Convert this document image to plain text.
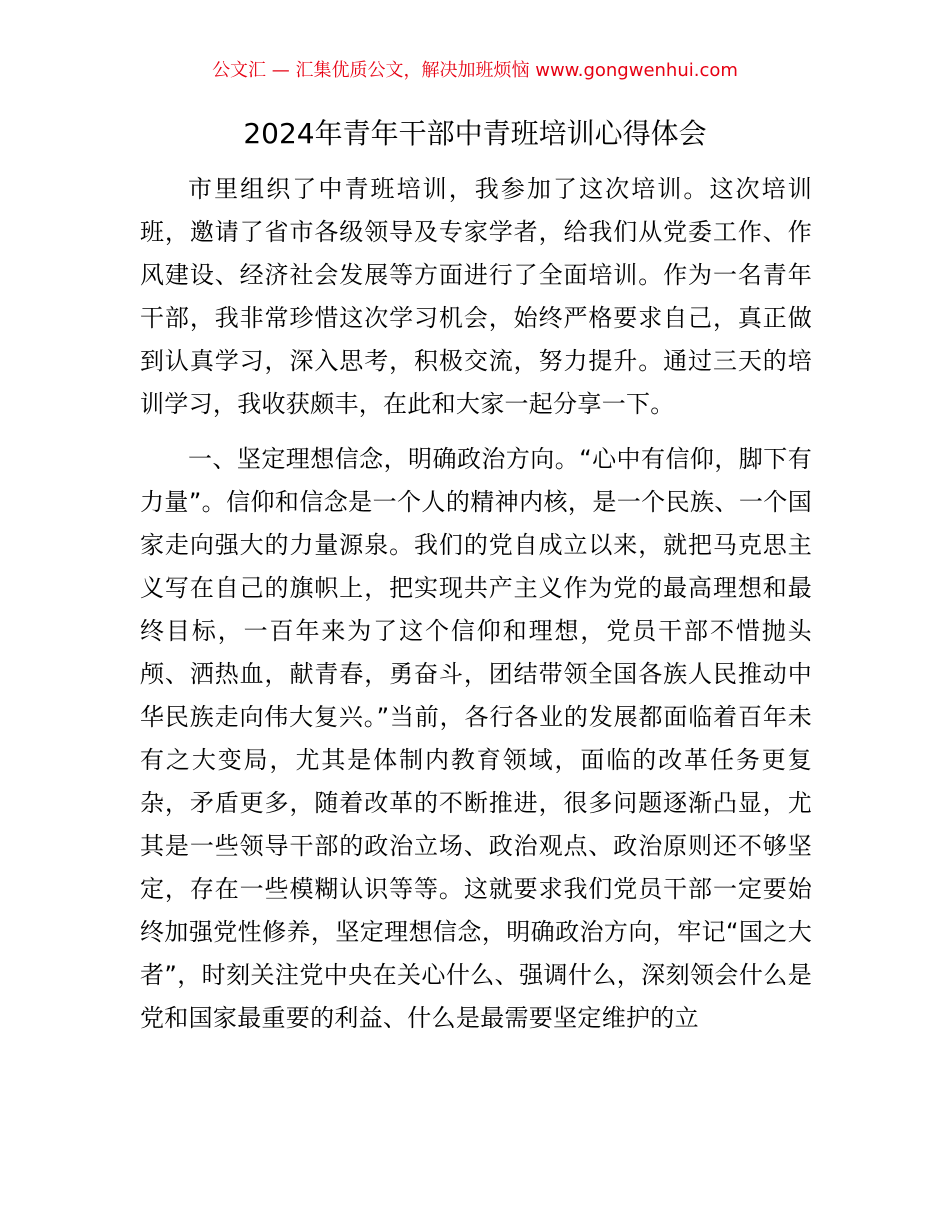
公文汇 — 汇集优质公文，解决加班烦恼 www.gongwenhui.com
2024年青年干部中青班培训心得体会

市里组织了中青班培训，我参加了这次培训。这次培训班，邀请了省市各级领导及专家学者，给我们从党委工作、作风建设、经济社会发展等方面进行了全面培训。作为一名青年干部，我非常珍惜这次学习机会，始终严格要求自己，真正做到认真学习，深入思考，积极交流，努力提升。通过三天的培训学习，我收获颇丰，在此和大家一起分享一下。

一、坚定理想信念，明确政治方向。“心中有信仰，脚下有力量”。信仰和信念是一个人的精神内核，是一个民族、一个国家走向强大的力量源泉。我们的党自成立以来，就把马克思主义写在自己的旗帜上，把实现共产主义作为党的最高理想和最终目标，一百年来为了这个信仰和理想，党员干部不惜抛头颅、洒热血，献青春，勇奋斗，团结带领全国各族人民推动中华民族走向伟大复兴。”当前，各行各业的发展都面临着百年未有之大变局，尤其是体制内教育领域，面临的改革任务更复杂，矛盾更多，随着改革的不断推进，很多问题逐渐凸显，尤其是一些领导干部的政治立场、政治观点、政治原则还不够坚定，存在一些模糊认识等等。这就要求我们党员干部一定要始终加强党性修养，坚定理想信念，明确政治方向，牢记“国之大者”，时刻关注党中央在关心什么、强调什么，深刻领会什么是党和国家最重要的利益、什么是最需要坚定维护的立
